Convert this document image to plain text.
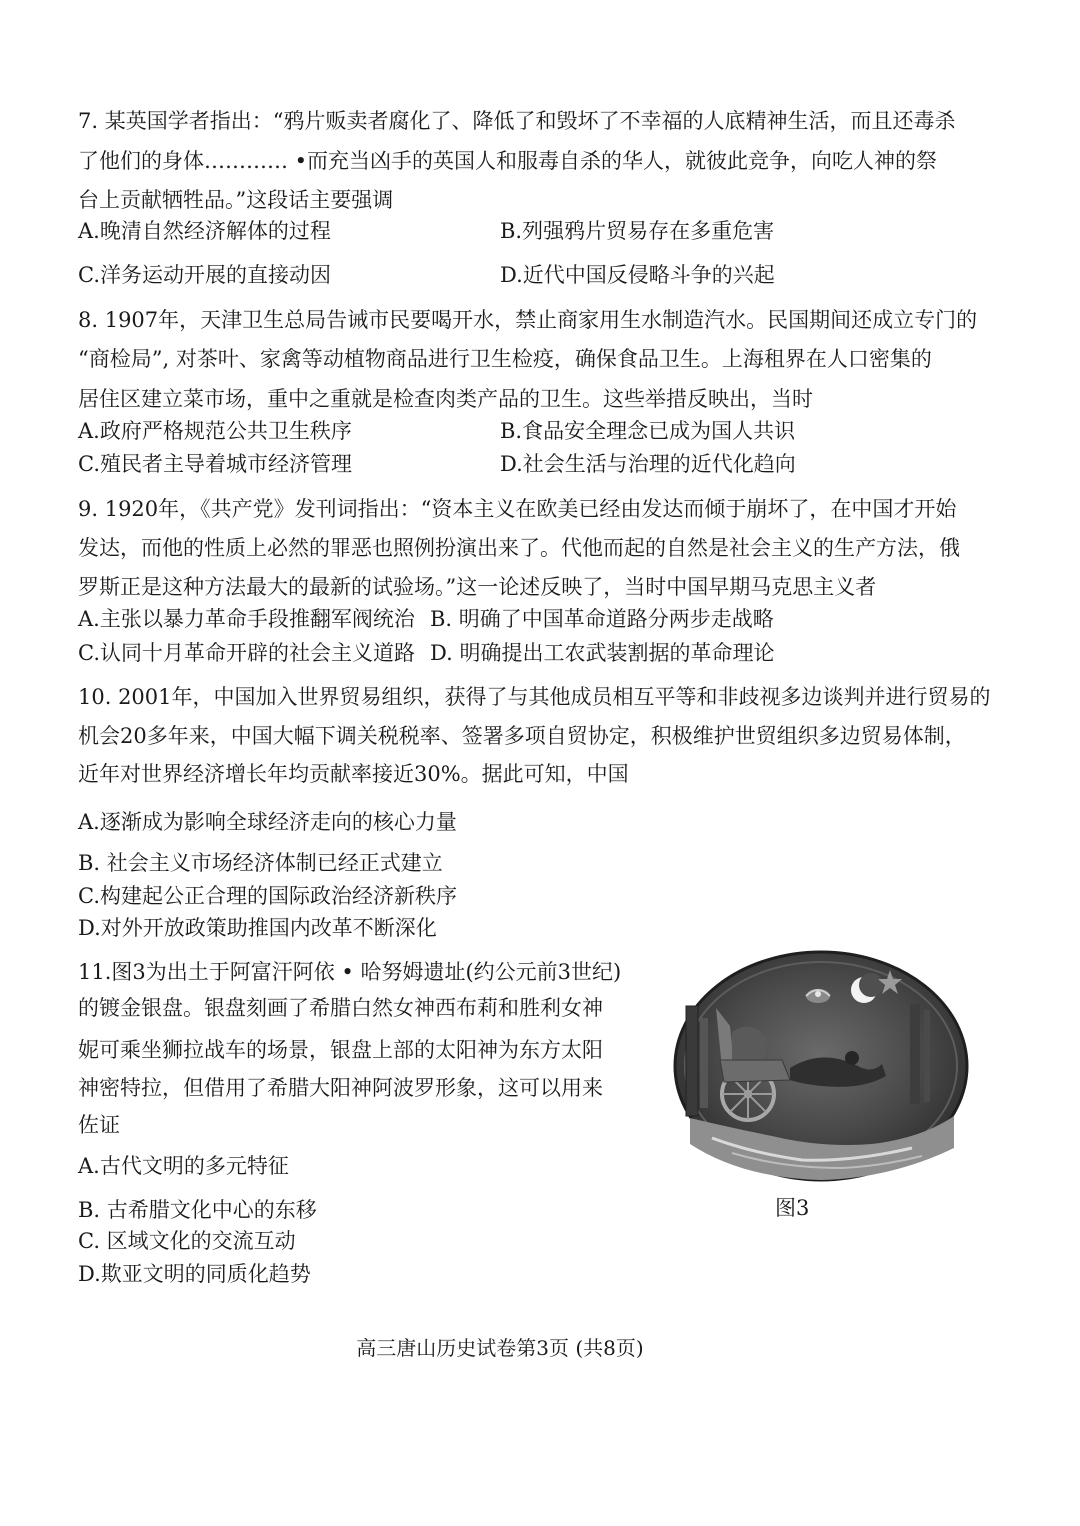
7. 某英国学者指出：“鸦片贩卖者腐化了、降低了和毁坏了不幸福的人底精神生活，而且还毒杀
了他们的身体………… •而充当凶手的英国人和服毒自杀的华人，就彼此竞争，向吃人神的祭
台上贡献牺牲品。”这段话主要强调
A.晚清自然经济解体的过程	B.列强鸦片贸易存在多重危害
C.洋务运动开展的直接动因	D.近代中国反侵略斗争的兴起
8. 1907年，天津卫生总局告诫市民要喝开水，禁止商家用生水制造汽水。民国期间还成立专门的
“商检局”, 对茶叶、家禽等动植物商品进行卫生检疫，确保食品卫生。上海租界在人口密集的
居住区建立菜市场，重中之重就是检查肉类产品的卫生。这些举措反映出，当时
A.政府严格规范公共卫生秩序	B.食品安全理念已成为国人共识
C.殖民者主导着城市经济管理	D.社会生活与治理的近代化趋向
9. 1920年，《共产党》发刊词指出：“资本主义在欧美已经由发达而倾于崩坏了，在中国才开始
发达，而他的性质上必然的罪恶也照例扮演出来了。代他而起的自然是社会主义的生产方法，俄
罗斯正是这种方法最大的最新的试验场。”这一论述反映了，当时中国早期马克思主义者
A.主张以暴力革命手段推翻军阀统治 B. 明确了中国革命道路分两步走战略
C.认同十月革命开辟的社会主义道路 D. 明确提出工农武装割据的革命理论
10. 2001年，中国加入世界贸易组织，获得了与其他成员相互平等和非歧视多边谈判并进行贸易的
机会20多年来，中国大幅下调关税税率、签署多项自贸协定，积极维护世贸组织多边贸易体制，
近年对世界经济增长年均贡献率接近30%。据此可知，中国
A.逐渐成为影响全球经济走向的核心力量
B. 社会主义市场经济体制已经正式建立
C.构建起公正合理的国际政治经济新秩序
D.对外开放政策助推国内改革不断深化
11.图3为出土于阿富汗阿依 • 哈努姆遗址(约公元前3世纪)
的镀金银盘。银盘刻画了希腊白然女神西布莉和胜利女神
妮可乘坐狮拉战车的场景，银盘上部的太阳神为东方太阳
神密特拉，但借用了希腊大阳神阿波罗形象，这可以用来
佐证
A.古代文明的多元特征
B. 古希腊文化中心的东移
C. 区域文化的交流互动
D.欺亚文明的同质化趋势
图3
高三唐山历史试卷第3页 (共8页)
